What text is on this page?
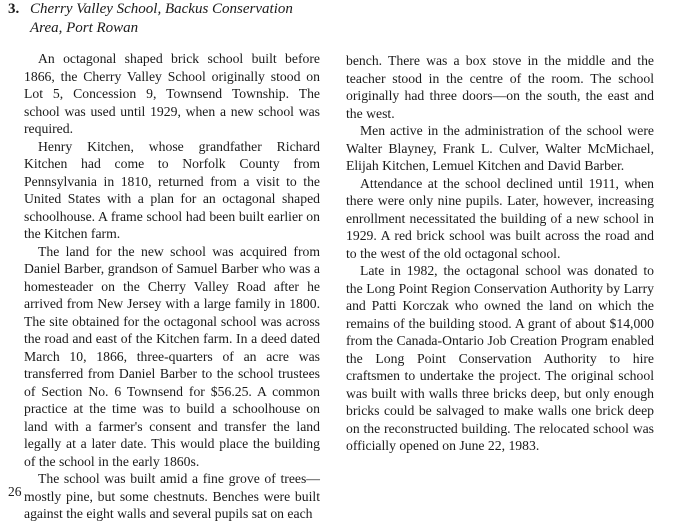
3. Cherry Valley School, Backus Conservation
Area, Port Rowan

An octagonal shaped brick school built before 1866, the Cherry Valley School originally stood on Lot 5, Concession 9, Townsend Township. The school was used until 1929, when a new school was required.

Henry Kitchen, whose grandfather Richard Kitchen had come to Norfolk County from Pennsylvania in 1810, returned from a visit to the United States with a plan for an octagonal shaped schoolhouse. A frame school had been built earlier on the Kitchen farm.

The land for the new school was acquired from Daniel Barber, grandson of Samuel Barber who was a homesteader on the Cherry Valley Road after he arrived from New Jersey with a large family in 1800. The site obtained for the octagonal school was across the road and east of the Kitchen farm. In a deed dated March 10, 1866, three-quarters of an acre was transferred from Daniel Barber to the school trustees of Section No. 6 Townsend for $56.25. A common practice at the time was to build a schoolhouse on land with a farmer's consent and transfer the land legally at a later date. This would place the building of the school in the early 1860s.

The school was built amid a fine grove of trees—mostly pine, but some chestnuts. Benches were built against the eight walls and several pupils sat on each

bench. There was a box stove in the middle and the teacher stood in the centre of the room. The school originally had three doors—on the south, the east and the west.

Men active in the administration of the school were Walter Blayney, Frank L. Culver, Walter McMichael, Elijah Kitchen, Lemuel Kitchen and David Barber.

Attendance at the school declined until 1911, when there were only nine pupils. Later, however, increasing enrollment necessitated the building of a new school in 1929. A red brick school was built across the road and to the west of the old octagonal school.

Late in 1982, the octagonal school was donated to the Long Point Region Conservation Authority by Larry and Patti Korczak who owned the land on which the remains of the building stood. A grant of about $14,000 from the Canada-Ontario Job Creation Program enabled the Long Point Conservation Authority to hire craftsmen to undertake the project. The original school was built with walls three bricks deep, but only enough bricks could be salvaged to make walls one brick deep on the reconstructed building. The relocated school was officially opened on June 22, 1983.

26
